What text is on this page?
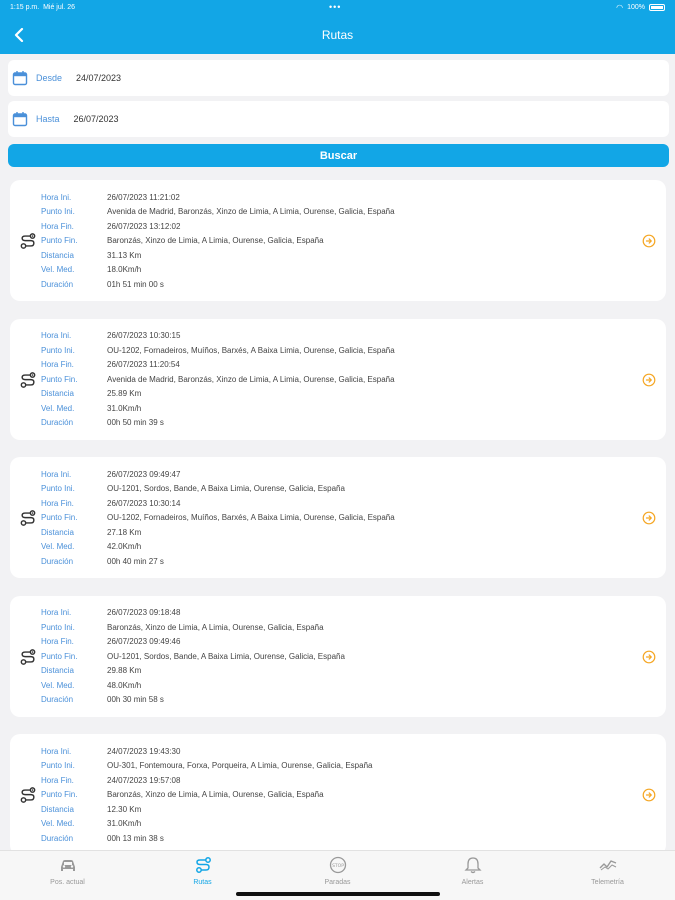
1:15 p.m. Mié jul. 26	•••	◠ 100%
Rutas
Desde 24/07/2023
Hasta 26/07/2023
Buscar
Hora Ini.	26/07/2023 11:21:02
Punto Ini.	Avenida de Madrid, Baronzás, Xinzo de Limia, A Limia, Ourense, Galicia, España
Hora Fin.	26/07/2023 13:12:02
Punto Fin.	Baronzás, Xinzo de Limia, A Limia, Ourense, Galicia, España
Distancia	31.13 Km
Vel. Med.	18.0Km/h
Duración	01h 51 min 00 s
Hora Ini.	26/07/2023 10:30:15
Punto Ini.	OU-1202, Fornadeiros, Muíños, Barxés, A Baixa Limia, Ourense, Galicia, España
Hora Fin.	26/07/2023 11:20:54
Punto Fin.	Avenida de Madrid, Baronzás, Xinzo de Limia, A Limia, Ourense, Galicia, España
Distancia	25.89 Km
Vel. Med.	31.0Km/h
Duración	00h 50 min 39 s
Hora Ini.	26/07/2023 09:49:47
Punto Ini.	OU-1201, Sordos, Bande, A Baixa Limia, Ourense, Galicia, España
Hora Fin.	26/07/2023 10:30:14
Punto Fin.	OU-1202, Fornadeiros, Muíños, Barxés, A Baixa Limia, Ourense, Galicia, España
Distancia	27.18 Km
Vel. Med.	42.0Km/h
Duración	00h 40 min 27 s
Hora Ini.	26/07/2023 09:18:48
Punto Ini.	Baronzás, Xinzo de Limia, A Limia, Ourense, Galicia, España
Hora Fin.	26/07/2023 09:49:46
Punto Fin.	OU-1201, Sordos, Bande, A Baixa Limia, Ourense, Galicia, España
Distancia	29.88 Km
Vel. Med.	48.0Km/h
Duración	00h 30 min 58 s
Hora Ini.	24/07/2023 19:43:30
Punto Ini.	OU-301, Fontemoura, Forxa, Porqueira, A Limia, Ourense, Galicia, España
Hora Fin.	24/07/2023 19:57:08
Punto Fin.	Baronzás, Xinzo de Limia, A Limia, Ourense, Galicia, España
Distancia	12.30 Km
Vel. Med.	31.0Km/h
Duración	00h 13 min 38 s
Pos. actual	Rutas
STOP
Paradas	Alertas	Telemetría
